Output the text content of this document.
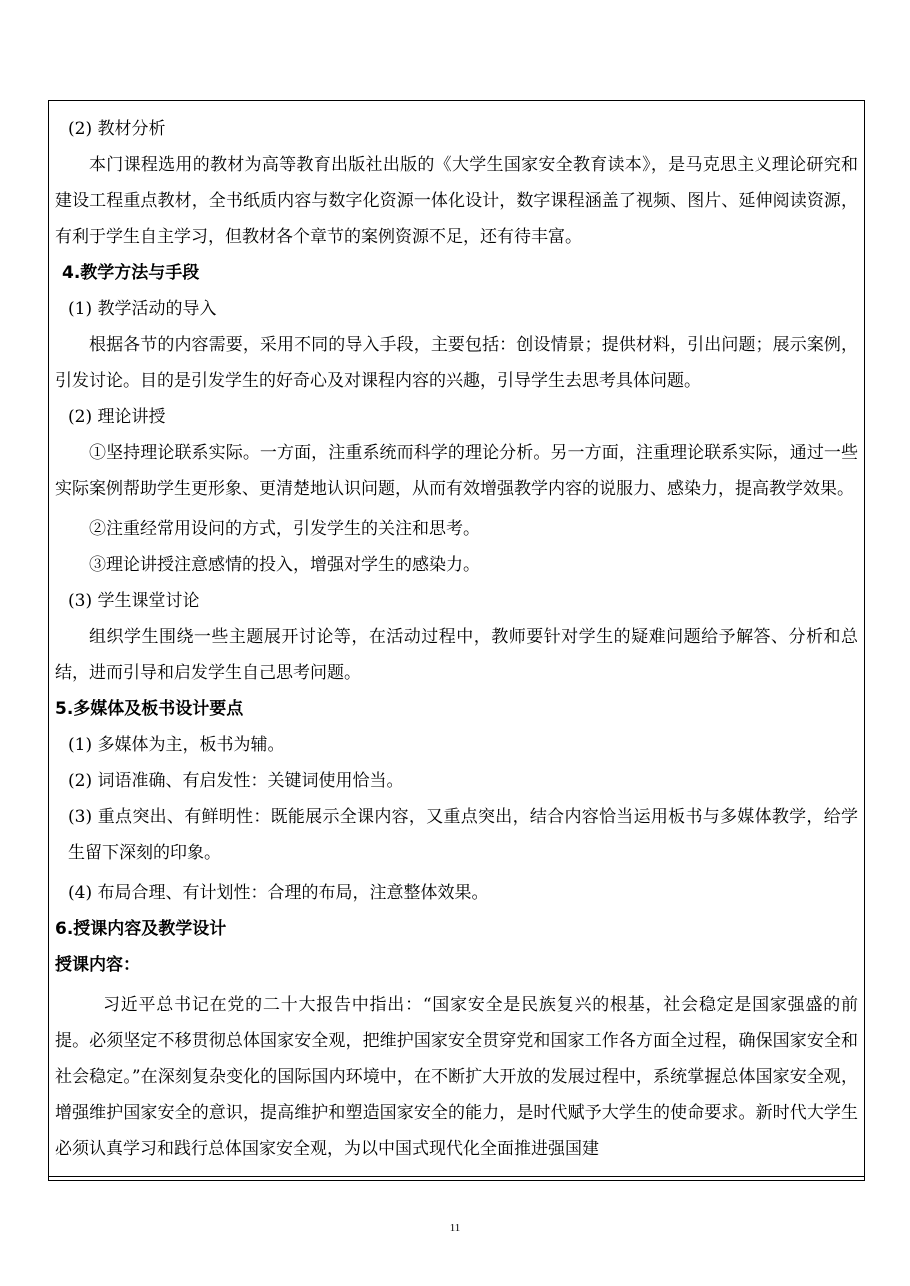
(2) 教材分析
本门课程选用的教材为高等教育出版社出版的《大学生国家安全教育读本》，是马克思主义理论研究和建设工程重点教材，全书纸质内容与数字化资源一体化设计，数字课程涵盖了视频、图片、延伸阅读资源，有利于学生自主学习，但教材各个章节的案例资源不足，还有待丰富。
4.教学方法与手段
(1) 教学活动的导入
根据各节的内容需要，采用不同的导入手段，主要包括：创设情景；提供材料，引出问题；展示案例，引发讨论。目的是引发学生的好奇心及对课程内容的兴趣，引导学生去思考具体问题。
(2) 理论讲授
①坚持理论联系实际。一方面，注重系统而科学的理论分析。另一方面，注重理论联系实际，通过一些实际案例帮助学生更形象、更清楚地认识问题，从而有效增强教学内容的说服力、感染力，提高教学效果。
②注重经常用设问的方式，引发学生的关注和思考。
③理论讲授注意感情的投入，增强对学生的感染力。
(3) 学生课堂讨论
组织学生围绕一些主题展开讨论等，在活动过程中，教师要针对学生的疑难问题给予解答、分析和总结，进而引导和启发学生自己思考问题。
5.多媒体及板书设计要点
(1) 多媒体为主，板书为辅。
(2) 词语准确、有启发性：关键词使用恰当。
(3) 重点突出、有鲜明性：既能展示全课内容，又重点突出，结合内容恰当运用板书与多媒体教学，给学生留下深刻的印象。
(4) 布局合理、有计划性：合理的布局，注意整体效果。
6.授课内容及教学设计
授课内容：
习近平总书记在党的二十大报告中指出：“国家安全是民族复兴的根基，社会稳定是国家强盛的前提。必须坚定不移贯彻总体国家安全观，把维护国家安全贯穿党和国家工作各方面全过程，确保国家安全和社会稳定。”在深刻复杂变化的国际国内环境中，在不断扩大开放的发展过程中，系统掌握总体国家安全观，增强维护国家安全的意识，提高维护和塑造国家安全的能力，是时代赋予大学生的使命要求。新时代大学生必须认真学习和践行总体国家安全观，为以中国式现代化全面推进强国建
11
